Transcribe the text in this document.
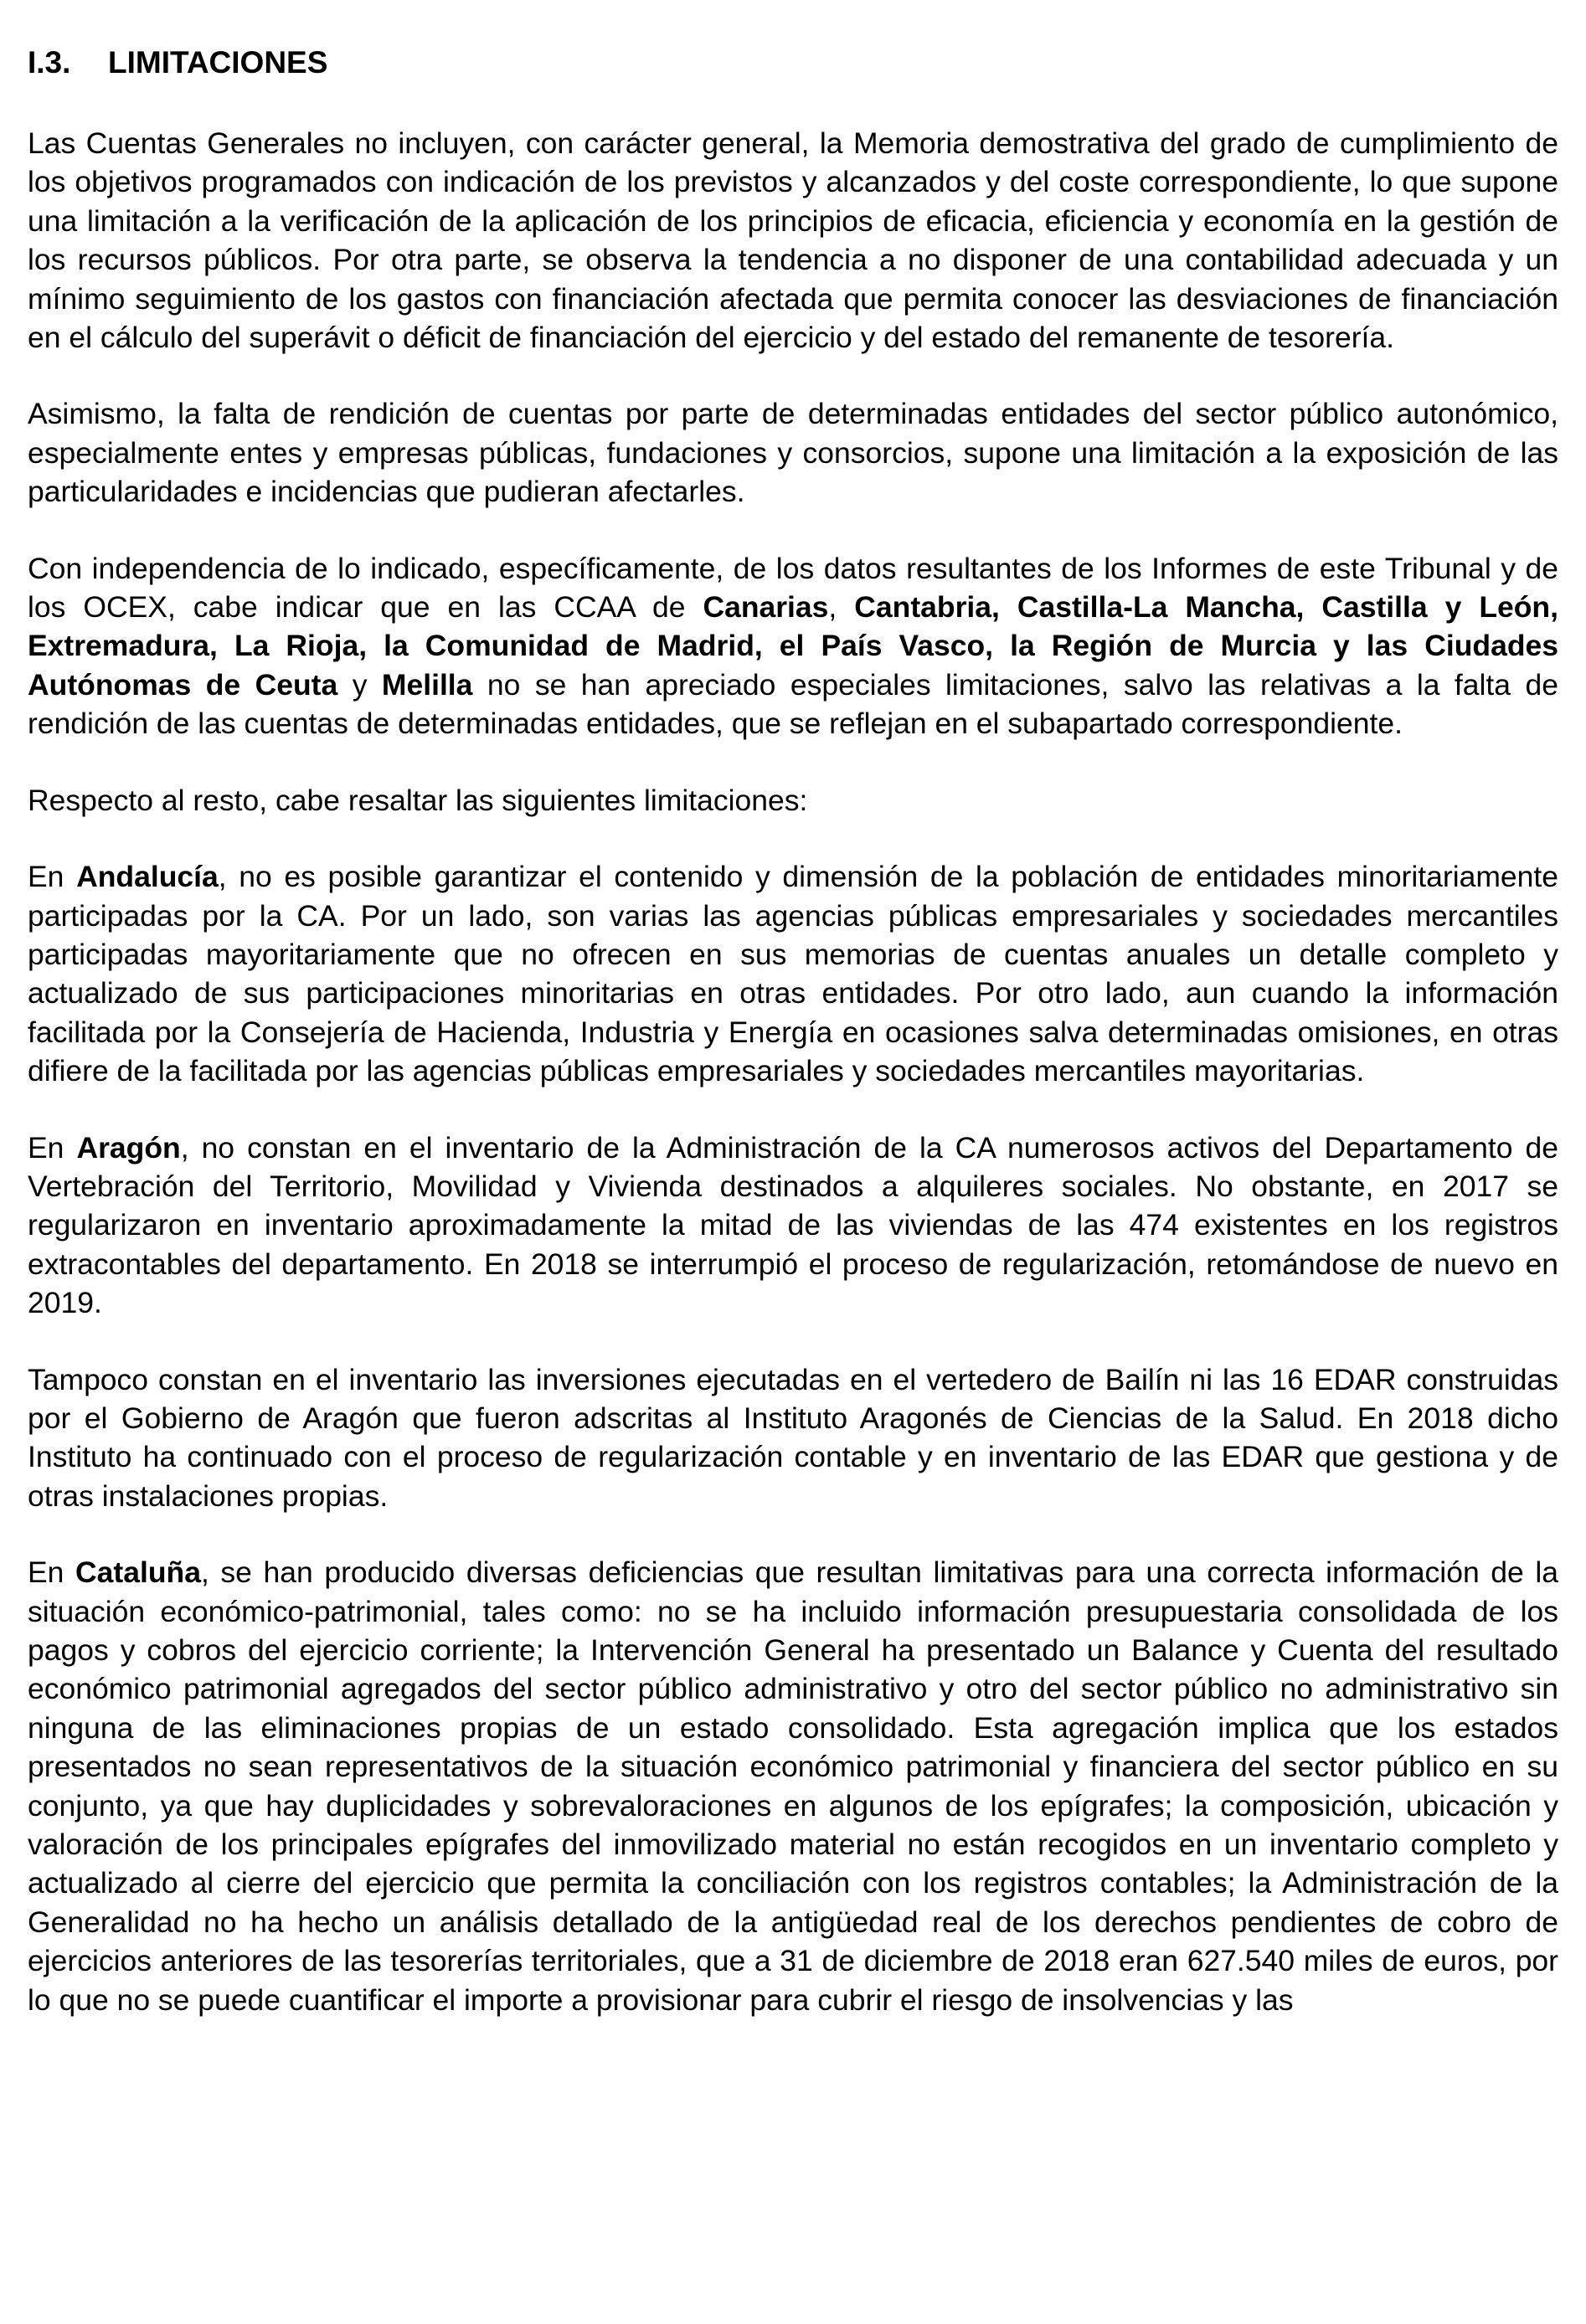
I.3. LIMITACIONES

Las Cuentas Generales no incluyen, con carácter general, la Memoria demostrativa del grado de cumplimiento de los objetivos programados con indicación de los previstos y alcanzados y del coste correspondiente, lo que supone una limitación a la verificación de la aplicación de los principios de eficacia, eficiencia y economía en la gestión de los recursos públicos. Por otra parte, se observa la tendencia a no disponer de una contabilidad adecuada y un mínimo seguimiento de los gastos con financiación afectada que permita conocer las desviaciones de financiación en el cálculo del superávit o déficit de financiación del ejercicio y del estado del remanente de tesorería.

Asimismo, la falta de rendición de cuentas por parte de determinadas entidades del sector público autonómico, especialmente entes y empresas públicas, fundaciones y consorcios, supone una limitación a la exposición de las particularidades e incidencias que pudieran afectarles.

Con independencia de lo indicado, específicamente, de los datos resultantes de los Informes de este Tribunal y de los OCEX, cabe indicar que en las CCAA de Canarias, Cantabria, Castilla-La Mancha, Castilla y León, Extremadura, La Rioja, la Comunidad de Madrid, el País Vasco, la Región de Murcia y las Ciudades Autónomas de Ceuta y Melilla no se han apreciado especiales limitaciones, salvo las relativas a la falta de rendición de las cuentas de determinadas entidades, que se reflejan en el subapartado correspondiente.

Respecto al resto, cabe resaltar las siguientes limitaciones:

En Andalucía, no es posible garantizar el contenido y dimensión de la población de entidades minoritariamente participadas por la CA. Por un lado, son varias las agencias públicas empresariales y sociedades mercantiles participadas mayoritariamente que no ofrecen en sus memorias de cuentas anuales un detalle completo y actualizado de sus participaciones minoritarias en otras entidades. Por otro lado, aun cuando la información facilitada por la Consejería de Hacienda, Industria y Energía en ocasiones salva determinadas omisiones, en otras difiere de la facilitada por las agencias públicas empresariales y sociedades mercantiles mayoritarias.

En Aragón, no constan en el inventario de la Administración de la CA numerosos activos del Departamento de Vertebración del Territorio, Movilidad y Vivienda destinados a alquileres sociales. No obstante, en 2017 se regularizaron en inventario aproximadamente la mitad de las viviendas de las 474 existentes en los registros extracontables del departamento. En 2018 se interrumpió el proceso de regularización, retomándose de nuevo en 2019.

Tampoco constan en el inventario las inversiones ejecutadas en el vertedero de Bailín ni las 16 EDAR construidas por el Gobierno de Aragón que fueron adscritas al Instituto Aragonés de Ciencias de la Salud. En 2018 dicho Instituto ha continuado con el proceso de regularización contable y en inventario de las EDAR que gestiona y de otras instalaciones propias.

En Cataluña, se han producido diversas deficiencias que resultan limitativas para una correcta información de la situación económico-patrimonial, tales como: no se ha incluido información presupuestaria consolidada de los pagos y cobros del ejercicio corriente; la Intervención General ha presentado un Balance y Cuenta del resultado económico patrimonial agregados del sector público administrativo y otro del sector público no administrativo sin ninguna de las eliminaciones propias de un estado consolidado. Esta agregación implica que los estados presentados no sean representativos de la situación económico patrimonial y financiera del sector público en su conjunto, ya que hay duplicidades y sobrevaloraciones en algunos de los epígrafes; la composición, ubicación y valoración de los principales epígrafes del inmovilizado material no están recogidos en un inventario completo y actualizado al cierre del ejercicio que permita la conciliación con los registros contables; la Administración de la Generalidad no ha hecho un análisis detallado de la antigüedad real de los derechos pendientes de cobro de ejercicios anteriores de las tesorerías territoriales, que a 31 de diciembre de 2018 eran 627.540 miles de euros, por lo que no se puede cuantificar el importe a provisionar para cubrir el riesgo de insolvencias y las
